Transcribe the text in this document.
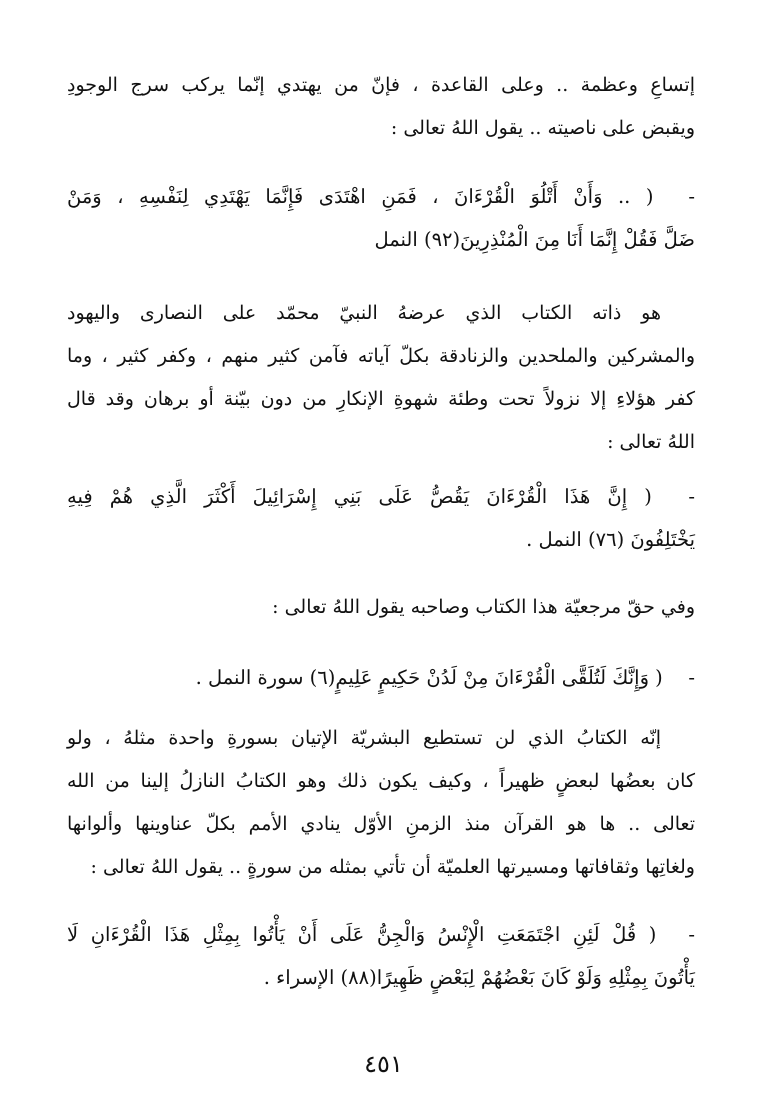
إتساعِ وعظمة .. وعلى القاعدة ، فإنّ من يهتدي إنّما يركب سرج الوجودِ
ويقبض على ناصيته .. يقول اللهُ تعالى :
- ( .. وَأَنْ أَتْلُوَ الْقُرْءَانَ ، فَمَنِ اهْتَدَى فَإِنَّمَا يَهْتَدِي لِنَفْسِهِ ، وَمَنْ
ضَلَّ فَقُلْ إِنَّمَا أَنَا مِنَ الْمُنْذِرِينَ(٩٢) النمل
هو ذاته الكتاب الذي عرضهُ النبيّ محمّد على النصارى واليهود
والمشركين والملحدين والزنادقة بكلّ آياته فآمن كثير منهم ، وكفر كثير ، وما
كفر هؤلاءِ إلا نزولاً تحت وطئة شهوةِ الإنكارِ من دون بيّنة أو برهان وقد قال
اللهُ تعالى :
- ( إِنَّ هَذَا الْقُرْءَانَ يَقُصُّ عَلَى بَنِي إِسْرَائِيلَ أَكْثَرَ الَّذِي هُمْ فِيهِ
يَخْتَلِفُونَ (٧٦) النمل .
وفي حقّ مرجعيّة هذا الكتاب وصاحبه يقول اللهُ تعالى :
- ( وَإِنَّكَ لَتُلَقَّى الْقُرْءَانَ مِنْ لَدُنْ حَكِيمٍ عَلِيمٍ(٦) سورة النمل .
إنّه الكتابُ الذي لن تستطيع البشريّة الإتيان بسورةِ واحدة مثلهُ ، ولو
كان بعضُها لبعضٍ ظهيراً ، وكيف يكون ذلك وهو الكتابُ النازلُ إلينا من الله
تعالى .. ها هو القرآن منذ الزمنِ الأوّل ينادي الأمم بكلّ عناوينها وألوانها
ولغاتِها وثقافاتها ومسيرتها العلميّة أن تأتي بمثله من سورةٍ .. يقول اللهُ تعالى :
- ( قُلْ لَئِنِ اجْتَمَعَتِ الْإِنْسُ وَالْجِنُّ عَلَى أَنْ يَأْتُوا بِمِثْلِ هَذَا الْقُرْءَانِ لَا
يَأْتُونَ بِمِثْلِهِ وَلَوْ كَانَ بَعْضُهُمْ لِبَعْضٍ ظَهِيرًا(٨٨) الإسراء .
٤٥١
